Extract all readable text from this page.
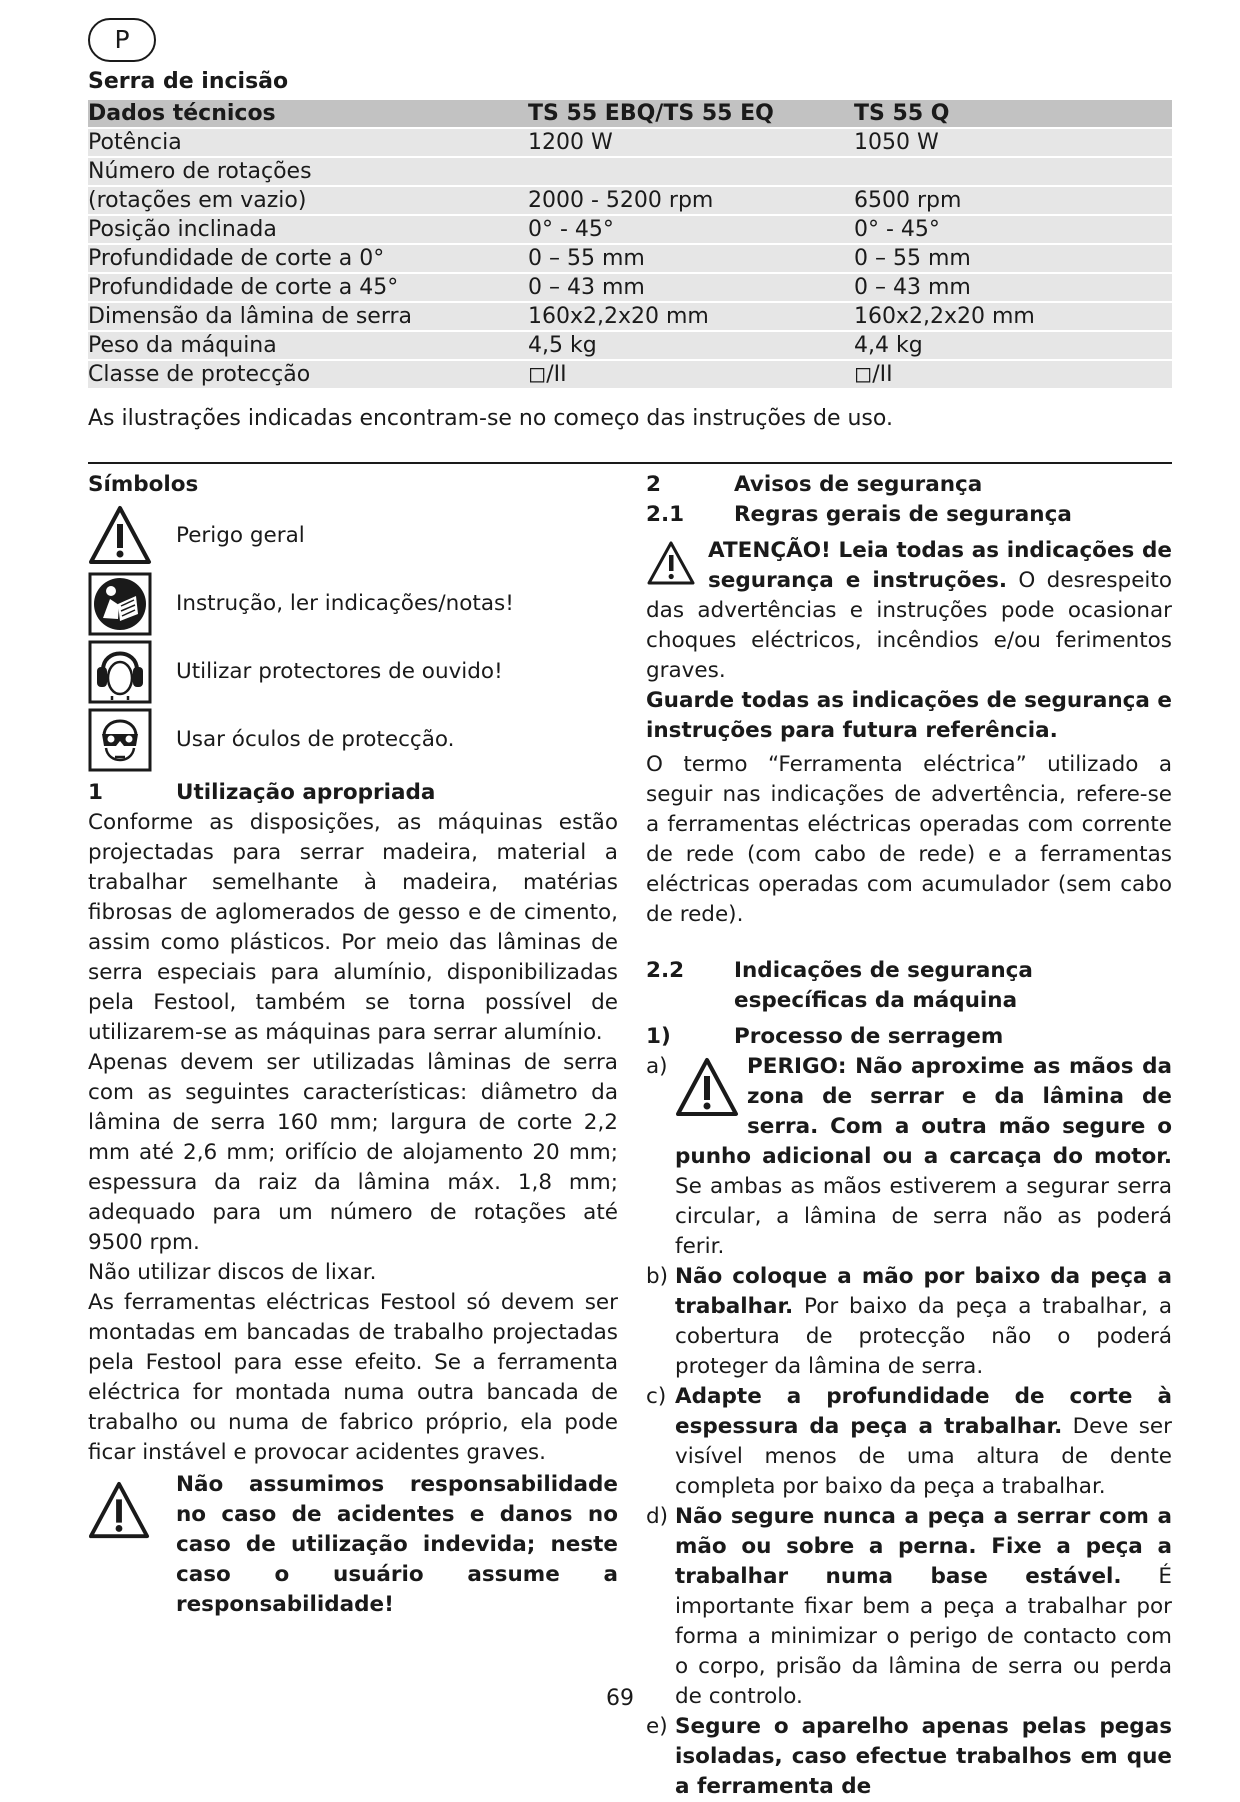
P
Serra de incisão
Dados técnicos	TS 55 EBQ/TS 55 EQ	TS 55 Q
Potência	1200 W	1050 W
Número de rotações		
(rotações em vazio)	2000 - 5200 rpm	6500 rpm
Posição inclinada	0° - 45°	0° - 45°
Profundidade de corte a 0°	0 – 55 mm	0 – 55 mm
Profundidade de corte a 45°	0 – 43 mm	0 – 43 mm
Dimensão da lâmina de serra	160x2,2x20 mm	160x2,2x20 mm
Peso da máquina	4,5 kg	4,4 kg
Classe de protecção	◻/II	◻/II
As ilustrações indicadas encontram-se no começo das instruções de uso.
Símbolos
Perigo geral
Instrução, ler indicações/notas!
Utilizar protectores de ouvido!
Usar óculos de protecção.
1	Utilização apropriada
Conforme as disposições, as máquinas estão projectadas para serrar madeira, material a trabalhar semelhante à madeira, matérias fibrosas de aglomerados de gesso e de cimento, assim como plásticos. Por meio das lâminas de serra especiais para alumínio, disponibilizadas pela Festool, também se torna possível de utilizarem-se as máquinas para serrar alumínio.
Apenas devem ser utilizadas lâminas de serra com as seguintes características: diâmetro da lâmina de serra 160 mm; largura de corte 2,2 mm até 2,6 mm; orifício de alojamento 20 mm; espessura da raiz da lâmina máx. 1,8 mm; adequado para um número de rotações até 9500 rpm.
Não utilizar discos de lixar.
As ferramentas eléctricas Festool só devem ser montadas em bancadas de trabalho projectadas pela Festool para esse efeito. Se a ferramenta eléctrica for montada numa outra bancada de trabalho ou numa de fabrico próprio, ela pode ficar instável e provocar acidentes graves.
Não assumimos responsabilidade no caso de acidentes e danos no caso de utilização indevida; neste caso o usuário assume a responsabilidade!
2	Avisos de segurança
2.1	Regras gerais de segurança
ATENÇÃO! Leia todas as indicações de segurança e instruções. O desrespeito das advertências e instruções pode ocasionar choques eléctricos, incêndios e/ou ferimentos graves.
Guarde todas as indicações de segurança e instruções para futura referência.
O termo “Ferramenta eléctrica” utilizado a seguir nas indicações de advertência, refere-se a ferramentas eléctricas operadas com corrente de rede (com cabo de rede) e a ferramentas eléctricas operadas com acumulador (sem cabo de rede).
2.2	Indicações de segurança específicas da máquina
1)	Processo de serragem
a)	PERIGO: Não aproxime as mãos da zona de serrar e da lâmina de serra. Com a outra mão segure o punho adicional ou a carcaça do motor. Se ambas as mãos estiverem a segurar serra circular, a lâmina de serra não as poderá ferir.
b) Não coloque a mão por baixo da peça a trabalhar. Por baixo da peça a trabalhar, a cobertura de protecção não o poderá proteger da lâmina de serra.
c) Adapte a profundidade de corte à espessura da peça a trabalhar. Deve ser visível menos de uma altura de dente completa por baixo da peça a trabalhar.
d) Não segure nunca a peça a serrar com a mão ou sobre a perna. Fixe a peça a trabalhar numa base estável. É importante fixar bem a peça a trabalhar por forma a minimizar o perigo de contacto com o corpo, prisão da lâmina de serra ou perda de controlo.
e) Segure o aparelho apenas pelas pegas isoladas, caso efectue trabalhos em que a ferramenta de
69
